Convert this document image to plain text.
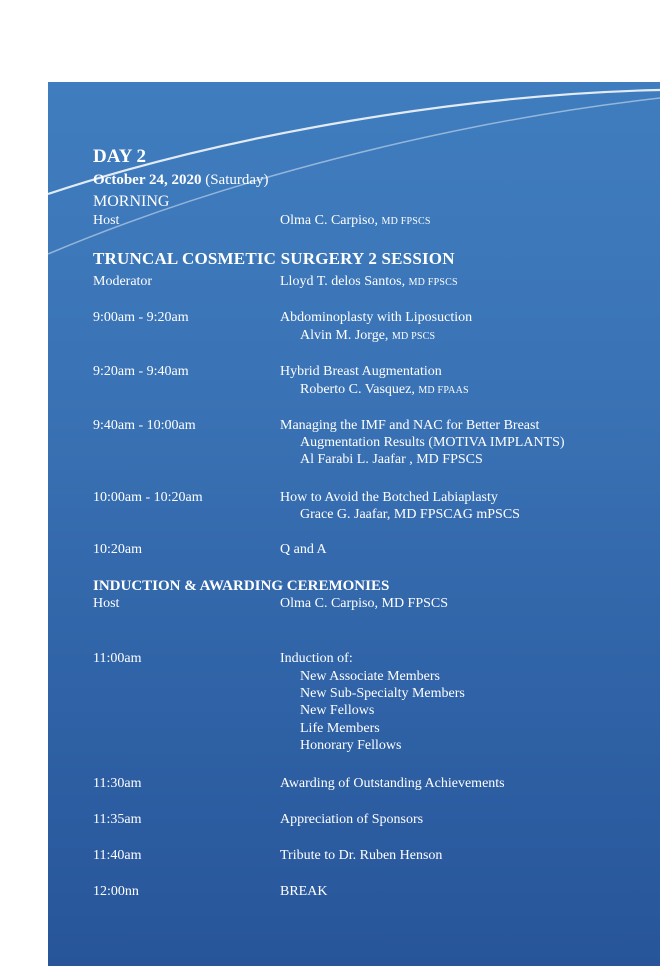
DAY 2
October 24, 2020 (Saturday)
MORNING
Host	Olma C. Carpiso, MD FPSCS
TRUNCAL COSMETIC SURGERY 2 SESSION
Moderator	Lloyd T. delos Santos, MD FPSCS
9:00am - 9:20am	Abdominoplasty with Liposuction
Alvin M. Jorge, MD PSCS
9:20am - 9:40am	Hybrid Breast Augmentation
Roberto C. Vasquez, MD FPAAS
9:40am - 10:00am	Managing the IMF and NAC for Better Breast
Augmentation Results (MOTIVA IMPLANTS)
Al Farabi L. Jaafar , MD FPSCS
10:00am - 10:20am	How to Avoid the Botched Labiaplasty
Grace G. Jaafar, MD FPSCAG mPSCS
10:20am	Q and A
INDUCTION & AWARDING CEREMONIES
Host	Olma C. Carpiso, MD FPSCS
11:00am	Induction of:
New Associate Members
New Sub-Specialty Members
New Fellows
Life Members
Honorary Fellows
11:30am	Awarding of Outstanding Achievements
11:35am	Appreciation of Sponsors
11:40am	Tribute to Dr. Ruben Henson
12:00nn	BREAK
